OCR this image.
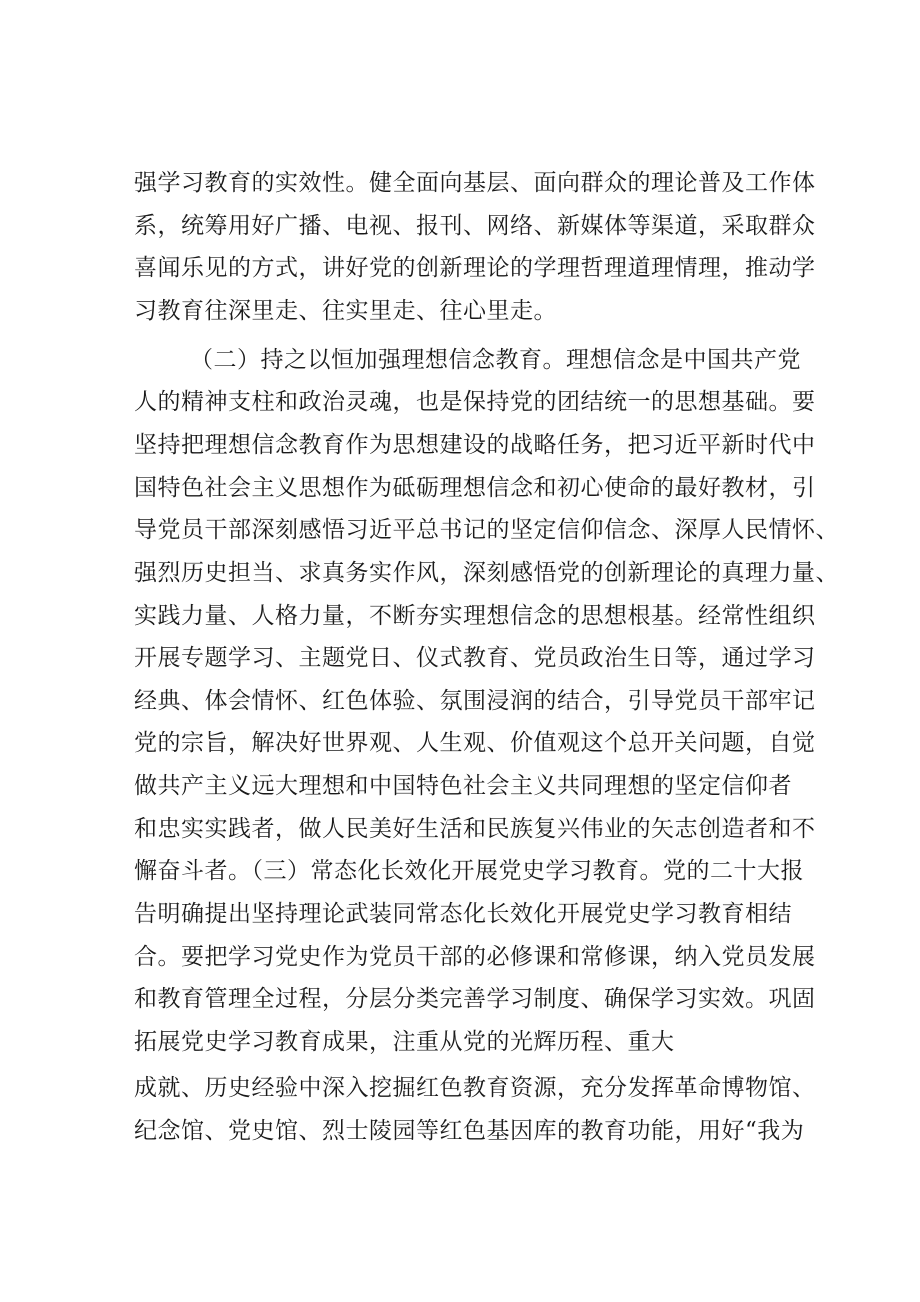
强学习教育的实效性。健全面向基层、面向群众的理论普及工作体
系，统筹用好广播、电视、报刊、网络、新媒体等渠道，采取群众
喜闻乐见的方式，讲好党的创新理论的学理哲理道理情理，推动学
习教育往深里走、往实里走、往心里走。
（二）持之以恒加强理想信念教育。理想信念是中国共产党
人的精神支柱和政治灵魂，也是保持党的团结统一的思想基础。要
坚持把理想信念教育作为思想建设的战略任务，把习近平新时代中
国特色社会主义思想作为砥砺理想信念和初心使命的最好教材，引
导党员干部深刻感悟习近平总书记的坚定信仰信念、深厚人民情怀、
强烈历史担当、求真务实作风，深刻感悟党的创新理论的真理力量、
实践力量、人格力量，不断夯实理想信念的思想根基。经常性组织
开展专题学习、主题党日、仪式教育、党员政治生日等，通过学习
经典、体会情怀、红色体验、氛围浸润的结合，引导党员干部牢记
党的宗旨，解决好世界观、人生观、价值观这个总开关问题，自觉
做共产主义远大理想和中国特色社会主义共同理想的坚定信仰者
和忠实实践者，做人民美好生活和民族复兴伟业的矢志创造者和不
懈奋斗者。（三）常态化长效化开展党史学习教育。党的二十大报
告明确提出坚持理论武装同常态化长效化开展党史学习教育相结
合。要把学习党史作为党员干部的必修课和常修课，纳入党员发展
和教育管理全过程，分层分类完善学习制度、确保学习实效。巩固
拓展党史学习教育成果，注重从党的光辉历程、重大
成就、历史经验中深入挖掘红色教育资源，充分发挥革命博物馆、
纪念馆、党史馆、烈士陵园等红色基因库的教育功能，用好“我为
